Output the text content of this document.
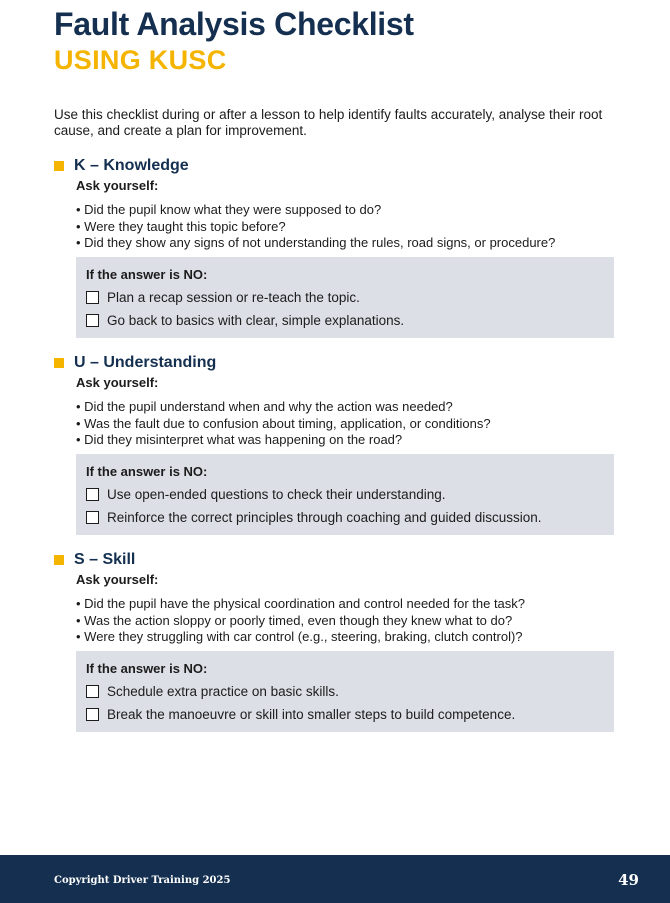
Fault Analysis Checklist
USING KUSC

Use this checklist during or after a lesson to help identify faults accurately, analyse their root cause, and create a plan for improvement.

K – Knowledge
Ask yourself:
• Did the pupil know what they were supposed to do?
• Were they taught this topic before?
• Did they show any signs of not understanding the rules, road signs, or procedure?
If the answer is NO:
Plan a recap session or re-teach the topic.
Go back to basics with clear, simple explanations.
U – Understanding
Ask yourself:
• Did the pupil understand when and why the action was needed?
• Was the fault due to confusion about timing, application, or conditions?
• Did they misinterpret what was happening on the road?
If the answer is NO:
Use open-ended questions to check their understanding.
Reinforce the correct principles through coaching and guided discussion.
S – Skill
Ask yourself:
• Did the pupil have the physical coordination and control needed for the task?
• Was the action sloppy or poorly timed, even though they knew what to do?
• Were they struggling with car control (e.g., steering, braking, clutch control)?
If the answer is NO:
Schedule extra practice on basic skills.
Break the manoeuvre or skill into smaller steps to build competence.
Copyright Driver Training 2025	49
